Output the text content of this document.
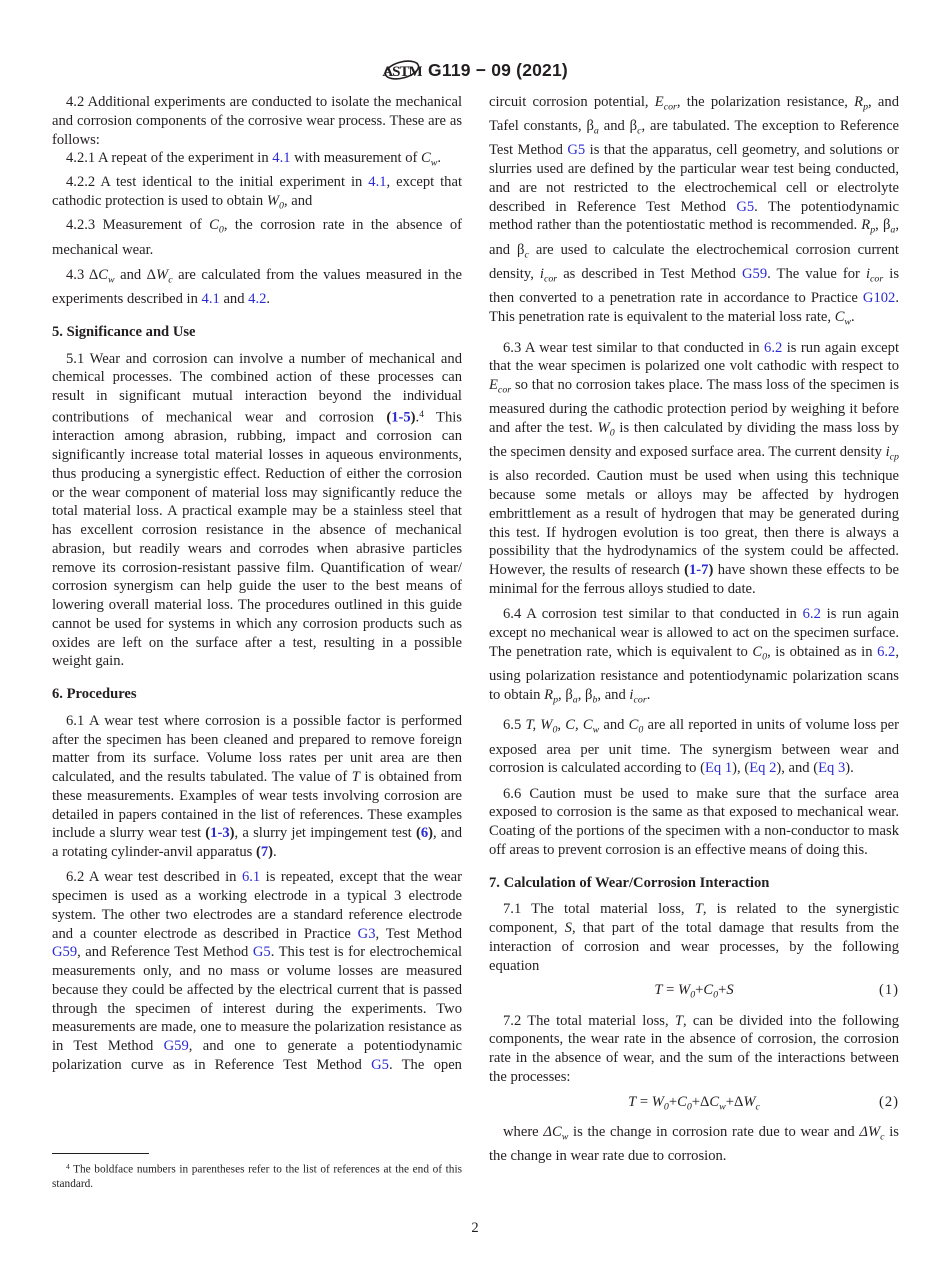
ASTM G119 − 09 (2021)
4.2 Additional experiments are conducted to isolate the mechanical and corrosion components of the corrosive wear process. These are as follows:
4.2.1 A repeat of the experiment in 4.1 with measurement of $C_w$.
4.2.2 A test identical to the initial experiment in 4.1, except that cathodic protection is used to obtain $W_0$, and
4.2.3 Measurement of $C_0$, the corrosion rate in the absence of mechanical wear.
4.3 $\Delta C_w$ and $\Delta W_c$ are calculated from the values measured in the experiments described in 4.1 and 4.2.
5. Significance and Use
5.1 Wear and corrosion can involve a number of mechanical and chemical processes. The combined action of these processes can result in significant mutual interaction beyond the individual contributions of mechanical wear and corrosion (1-5).$^4$ This interaction among abrasion, rubbing, impact and corrosion can significantly increase total material losses in aqueous environments, thus producing a synergistic effect. Reduction of either the corrosion or the wear component of material loss may significantly reduce the total material loss. A practical example may be a stainless steel that has excellent corrosion resistance in the absence of mechanical abrasion, but readily wears and corrodes when abrasive particles remove its corrosion-resistant passive film. Quantification of wear/ corrosion synergism can help guide the user to the best means of lowering overall material loss. The procedures outlined in this guide cannot be used for systems in which any corrosion products such as oxides are left on the surface after a test, resulting in a possible weight gain.
6. Procedures
6.1 A wear test where corrosion is a possible factor is performed after the specimen has been cleaned and prepared to remove foreign matter from its surface. Volume loss rates per unit area are then calculated, and the results tabulated. The value of T is obtained from these measurements. Examples of wear tests involving corrosion are detailed in papers contained in the list of references. These examples include a slurry wear test (1-3), a slurry jet impingement test (6), and a rotating cylinder-anvil apparatus (7).
6.2 A wear test described in 6.1 is repeated, except that the wear specimen is used as a working electrode in a typical 3 electrode system. The other two electrodes are a standard reference electrode and a counter electrode as described in Practice G3, Test Method G59, and Reference Test Method G5. This test is for electrochemical measurements only, and no mass or volume losses are measured because they could be affected by the electrical current that is passed through the specimen of interest during the experiments. Two measurements are made, one to measure the polarization resistance as in Test Method G59, and one to generate a potentiodynamic polarization curve as in Reference Test Method G5. The open
circuit corrosion potential, $E_{cor}$, the polarization resistance, $R_p$, and Tafel constants, $\beta_a$ and $\beta_c$, are tabulated. The exception to Reference Test Method G5 is that the apparatus, cell geometry, and solutions or slurries used are defined by the particular wear test being conducted, and are not restricted to the electrochemical cell or electrolyte described in Reference Test Method G5. The potentiodynamic method rather than the potentiostatic method is recommended. $R_p$, $\beta_a$, and $\beta_c$ are used to calculate the electrochemical corrosion current density, $i_{cor}$ as described in Test Method G59. The value for $i_{cor}$ is then converted to a penetration rate in accordance to Practice G102. This penetration rate is equivalent to the material loss rate, $C_w$.
6.3 A wear test similar to that conducted in 6.2 is run again except that the wear specimen is polarized one volt cathodic with respect to $E_{cor}$ so that no corrosion takes place. The mass loss of the specimen is measured during the cathodic protection period by weighing it before and after the test. $W_0$ is then calculated by dividing the mass loss by the specimen density and exposed surface area. The current density $i_{cp}$ is also recorded. Caution must be used when using this technique because some metals or alloys may be affected by hydrogen embrittlement as a result of hydrogen that may be generated during this test. If hydrogen evolution is too great, then there is always a possibility that the hydrodynamics of the system could be affected. However, the results of research (1-7) have shown these effects to be minimal for the ferrous alloys studied to date.
6.4 A corrosion test similar to that conducted in 6.2 is run again except no mechanical wear is allowed to act on the specimen surface. The penetration rate, which is equivalent to $C_0$, is obtained as in 6.2, using polarization resistance and potentiodynamic polarization scans to obtain $R_p$, $\beta_a$, $\beta_b$, and $i_{cor}$.
6.5 T, $W_0$, C, $C_w$ and $C_0$ are all reported in units of volume loss per exposed area per unit time. The synergism between wear and corrosion is calculated according to (Eq 1), (Eq 2), and (Eq 3).
6.6 Caution must be used to make sure that the surface area exposed to corrosion is the same as that exposed to mechanical wear. Coating of the portions of the specimen with a non-conductor to mask off areas to prevent corrosion is an effective means of doing this.
7. Calculation of Wear/Corrosion Interaction
7.1 The total material loss, T, is related to the synergistic component, S, that part of the total damage that results from the interaction of corrosion and wear processes, by the following equation
$T = W_0+C_0+S$	(1)
7.2 The total material loss, T, can be divided into the following components, the wear rate in the absence of corrosion, the corrosion rate in the absence of wear, and the sum of the interactions between the processes:
$T = W_0+C_0+\Delta C_w+\Delta W_c$	(2)
where $\Delta C_w$ is the change in corrosion rate due to wear and $\Delta W_c$ is the change in wear rate due to corrosion.
$^4$ The boldface numbers in parentheses refer to the list of references at the end of this standard.
2
